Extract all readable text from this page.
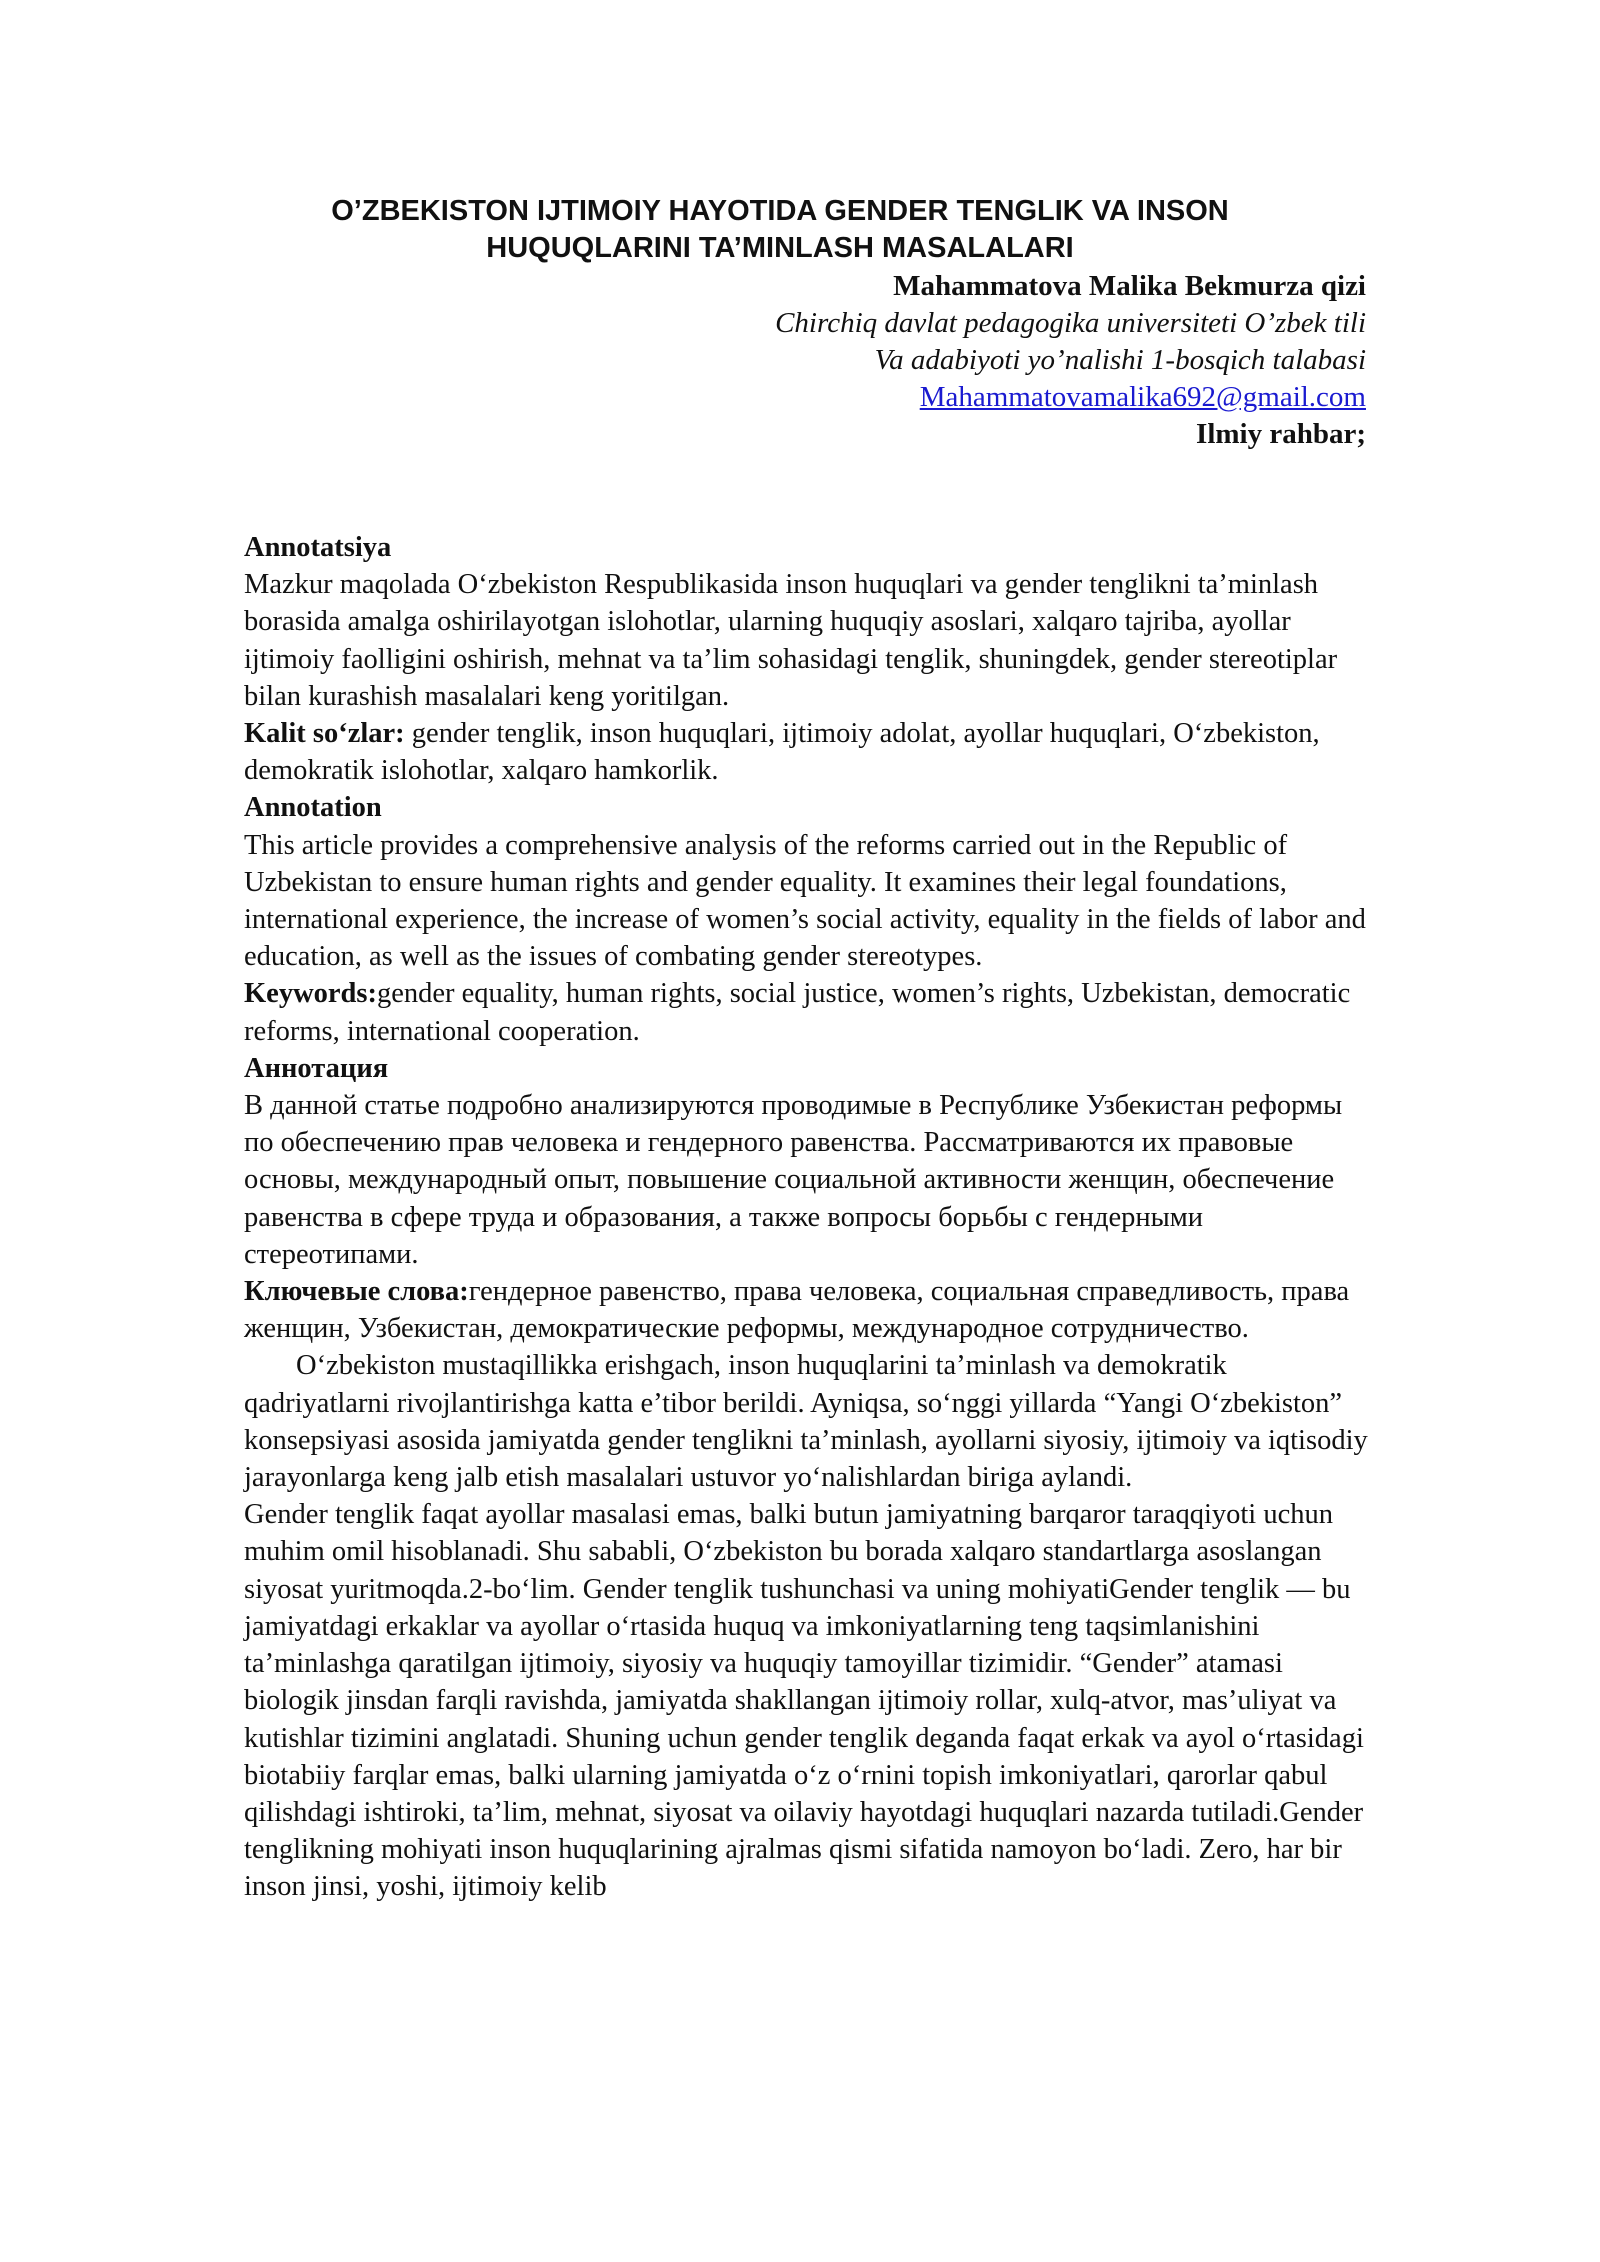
O’ZBEKISTON IJTIMOIY HAYOTIDA GENDER TENGLIK VA INSON
HUQUQLARINI TA’MINLASH MASALALARI
Mahammatova Malika Bekmurza qizi
Chirchiq davlat pedagogika universiteti O’zbek tili
Va adabiyoti yo’nalishi 1-bosqich talabasi
Mahammatovamalika692@gmail.com
Ilmiy rahbar;

Annotatsiya

Mazkur maqolada O‘zbekiston Respublikasida inson huquqlari va gender tenglikni ta’minlash borasida amalga oshirilayotgan islohotlar, ularning huquqiy asoslari, xalqaro tajriba, ayollar ijtimoiy faolligini oshirish, mehnat va ta’lim sohasidagi tenglik, shuningdek, gender stereotiplar bilan kurashish masalalari keng yoritilgan.

Kalit so‘zlar: gender tenglik, inson huquqlari, ijtimoiy adolat, ayollar huquqlari, O‘zbekiston, demokratik islohotlar, xalqaro hamkorlik.

Annotation

This article provides a comprehensive analysis of the reforms carried out in the Republic of Uzbekistan to ensure human rights and gender equality. It examines their legal foundations, international experience, the increase of women’s social activity, equality in the fields of labor and education, as well as the issues of combating gender stereotypes.

Keywords:gender equality, human rights, social justice, women’s rights, Uzbekistan, democratic reforms, international cooperation.

Аннотация

В данной статье подробно анализируются проводимые в Республике Узбекистан реформы по обеспечению прав человека и гендерного равенства. Рассматриваются их правовые основы, международный опыт, повышение социальной активности женщин, обеспечение равенства в сфере труда и образования, а также вопросы борьбы с гендерными стереотипами.

Ключевые слова:гендерное равенство, права человека, социальная справедливость, права женщин, Узбекистан, демократические реформы, международное сотрудничество.

O‘zbekiston mustaqillikka erishgach, inson huquqlarini ta’minlash va demokratik qadriyatlarni rivojlantirishga katta e’tibor berildi. Ayniqsa, so‘nggi yillarda “Yangi O‘zbekiston” konsepsiyasi asosida jamiyatda gender tenglikni ta’minlash, ayollarni siyosiy, ijtimoiy va iqtisodiy jarayonlarga keng jalb etish masalalari ustuvor yo‘nalishlardan biriga aylandi.

Gender tenglik faqat ayollar masalasi emas, balki butun jamiyatning barqaror taraqqiyoti uchun muhim omil hisoblanadi. Shu sababli, O‘zbekiston bu borada xalqaro standartlarga asoslangan siyosat yuritmoqda.2-bo‘lim. Gender tenglik tushunchasi va uning mohiyatiGender tenglik — bu jamiyatdagi erkaklar va ayollar o‘rtasida huquq va imkoniyatlarning teng taqsimlanishini ta’minlashga qaratilgan ijtimoiy, siyosiy va huquqiy tamoyillar tizimidir. “Gender” atamasi biologik jinsdan farqli ravishda, jamiyatda shakllangan ijtimoiy rollar, xulq-atvor, mas’uliyat va kutishlar tizimini anglatadi. Shuning uchun gender tenglik deganda faqat erkak va ayol o‘rtasidagi biotabiiy farqlar emas, balki ularning jamiyatda o‘z o‘rnini topish imkoniyatlari, qarorlar qabul qilishdagi ishtiroki, ta’lim, mehnat, siyosat va oilaviy hayotdagi huquqlari nazarda tutiladi.Gender tenglikning mohiyati inson huquqlarining ajralmas qismi sifatida namoyon bo‘ladi. Zero, har bir inson jinsi, yoshi, ijtimoiy kelib
